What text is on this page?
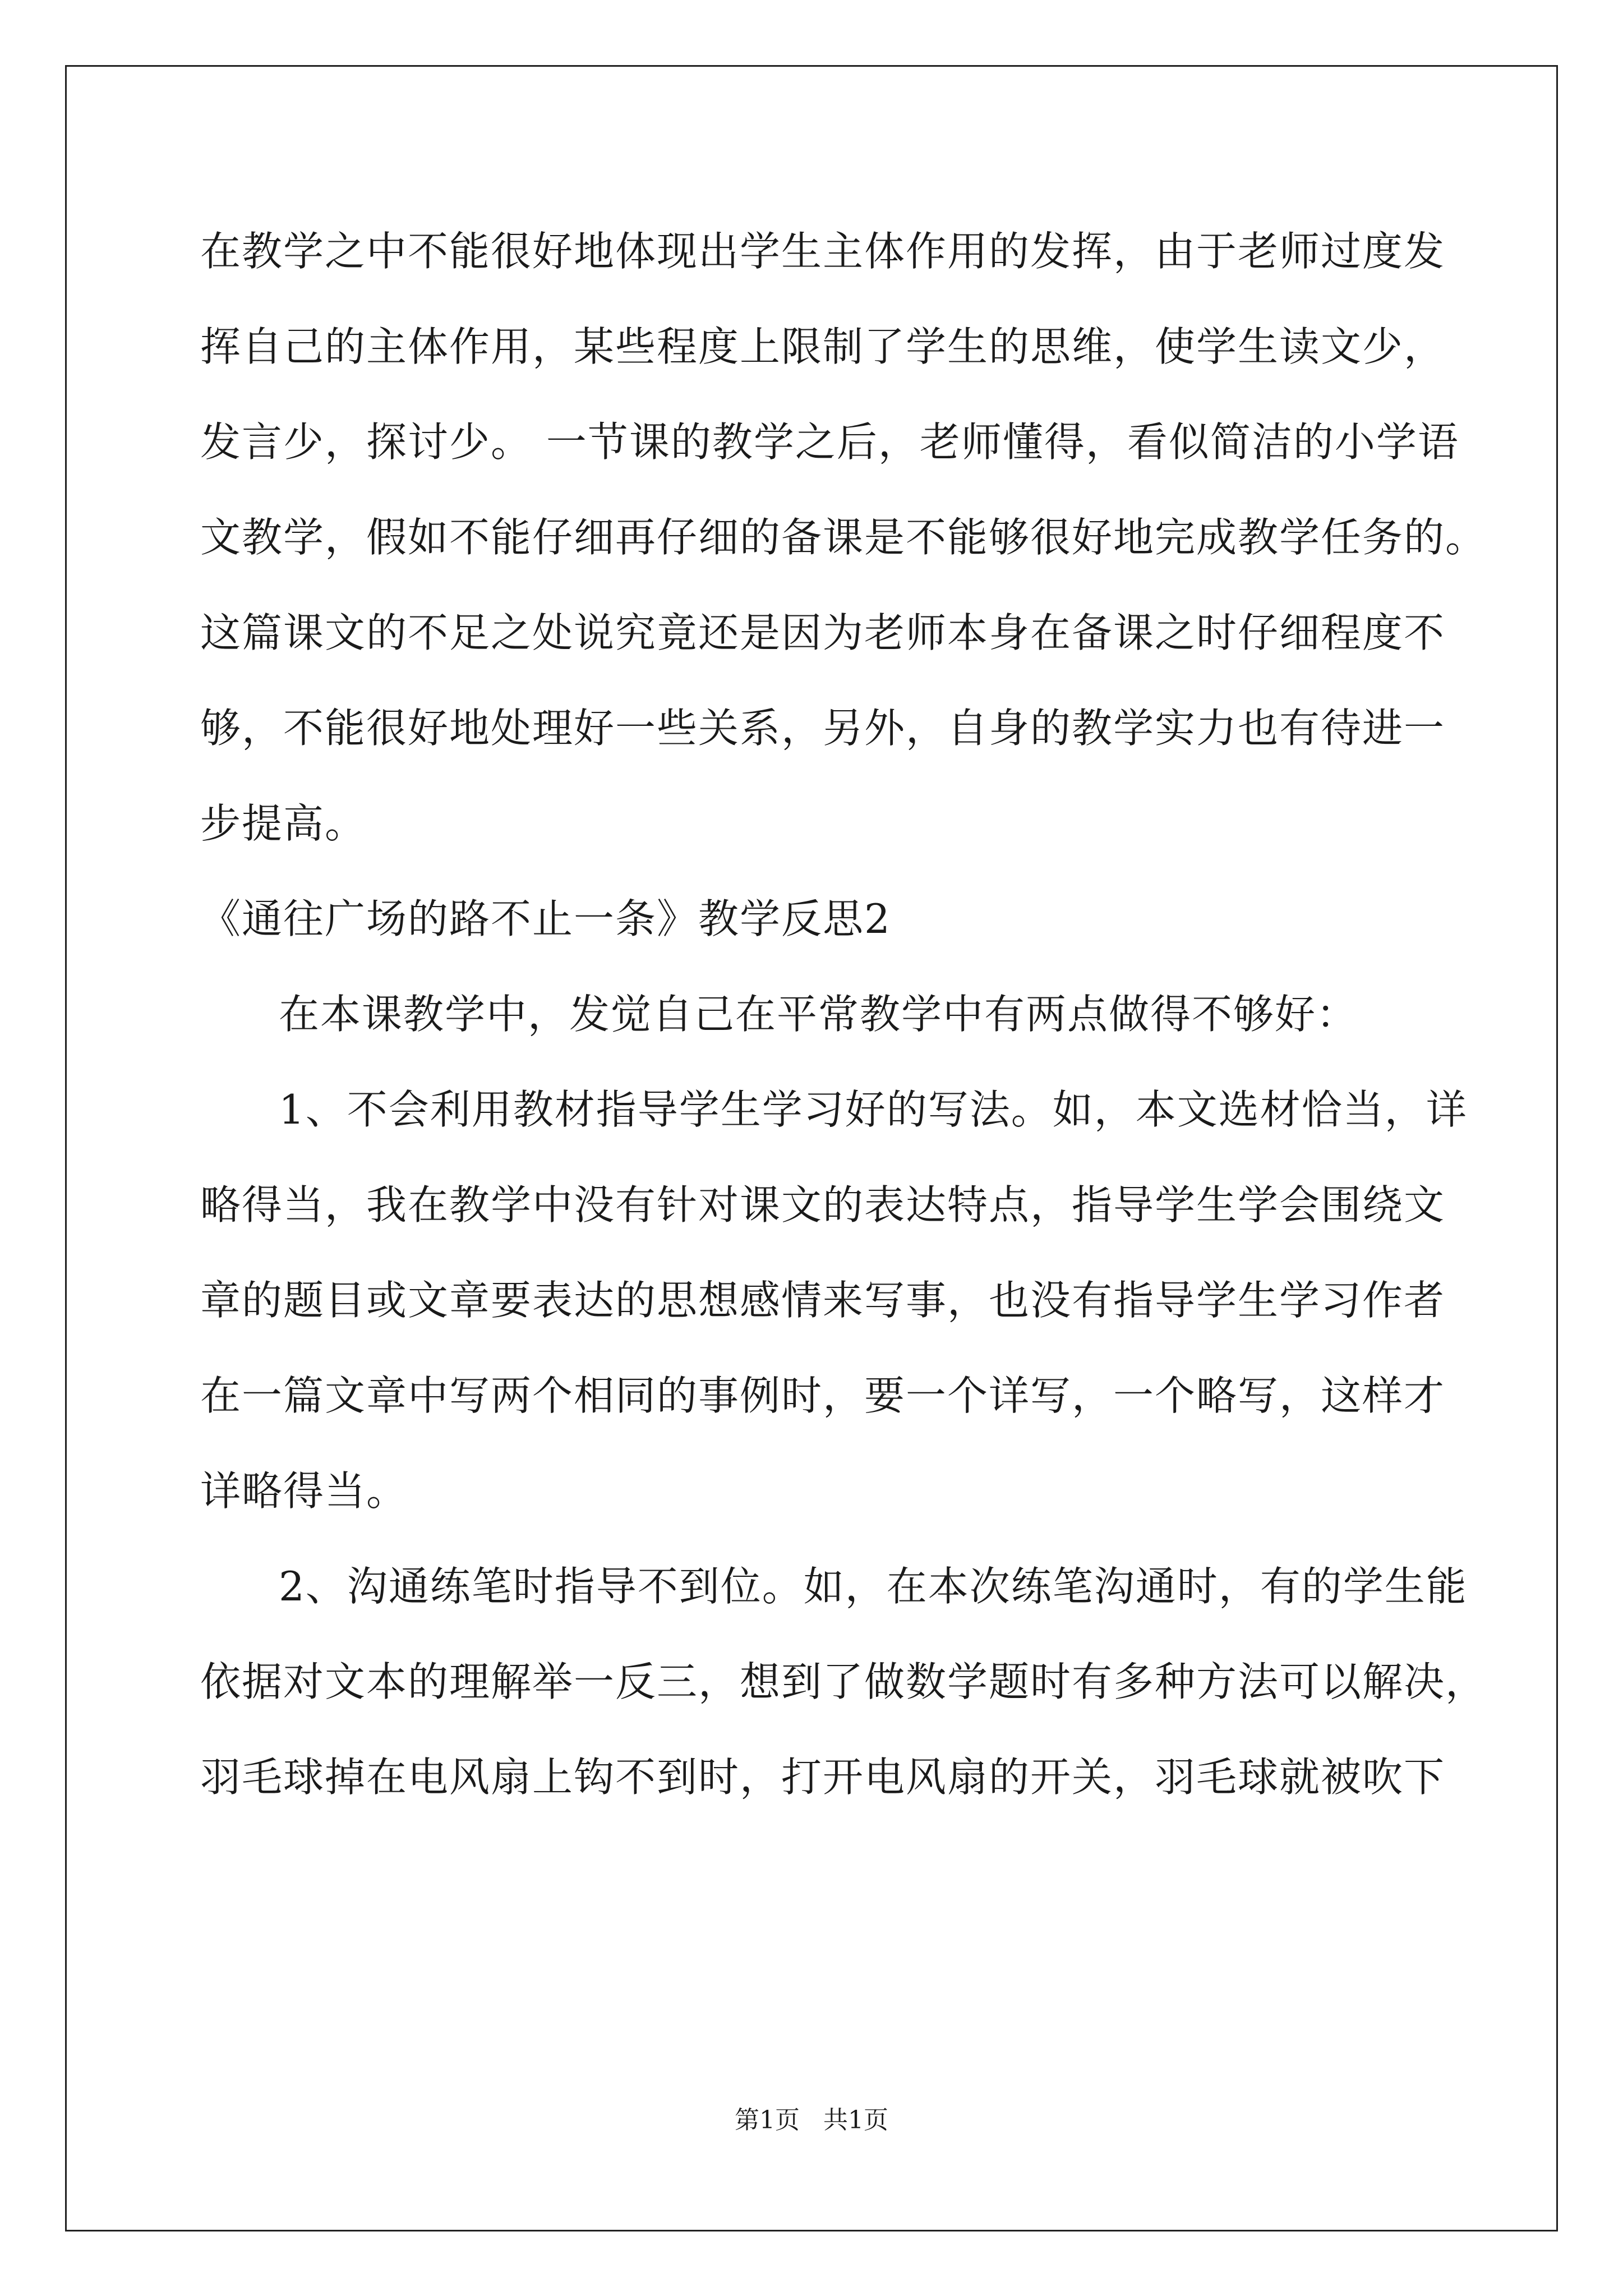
在教学之中不能很好地体现出学生主体作用的发挥，由于老师过度发
挥自己的主体作用，某些程度上限制了学生的思维，使学生读文少，
发言少，探讨少。 一节课的教学之后，老师懂得，看似简洁的小学语
文教学，假如不能仔细再仔细的备课是不能够很好地完成教学任务的。
这篇课文的不足之处说究竟还是因为老师本身在备课之时仔细程度不
够，不能很好地处理好一些关系，另外，自身的教学实力也有待进一
步提高。
《通往广场的路不止一条》教学反思2
在本课教学中，发觉自己在平常教学中有两点做得不够好：
1、不会利用教材指导学生学习好的写法。如，本文选材恰当，详
略得当，我在教学中没有针对课文的表达特点，指导学生学会围绕文
章的题目或文章要表达的思想感情来写事，也没有指导学生学习作者
在一篇文章中写两个相同的事例时，要一个详写，一个略写，这样才
详略得当。
2、沟通练笔时指导不到位。如，在本次练笔沟通时，有的学生能
依据对文本的理解举一反三，想到了做数学题时有多种方法可以解决，
羽毛球掉在电风扇上钩不到时，打开电风扇的开关，羽毛球就被吹下
第1页   共1页
